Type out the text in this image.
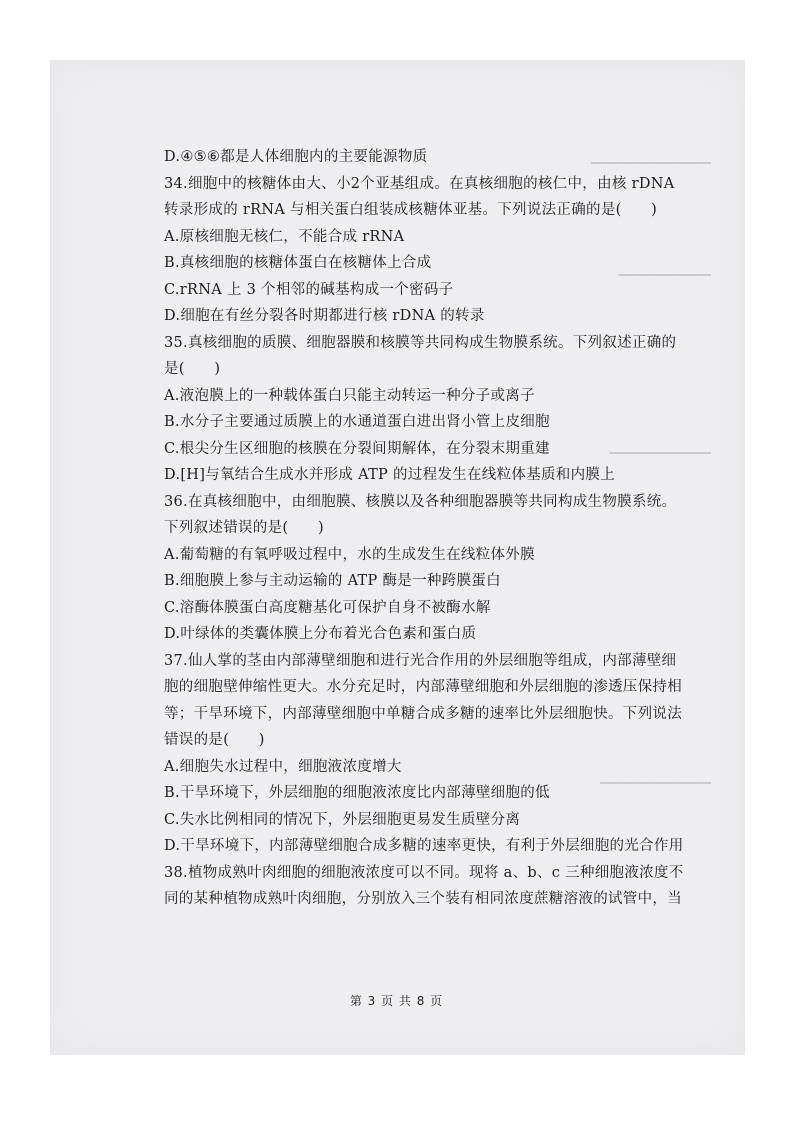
▁▁▁▁▁▁▁▁▁▁▁▁▁
▁▁▁▁▁▁▁▁▁▁
▁▁▁▁▁▁▁▁▁▁▁
▁▁▁▁▁▁▁▁▁▁▁▁
D.④⑤⑥都是人体细胞内的主要能源物质
34.细胞中的核糖体由大、小2个亚基组成。在真核细胞的核仁中，由核 rDNA
转录形成的 rRNA 与相关蛋白组装成核糖体亚基。下列说法正确的是(　　)
A.原核细胞无核仁，不能合成 rRNA
B.真核细胞的核糖体蛋白在核糖体上合成
C.rRNA 上 3 个相邻的碱基构成一个密码子
D.细胞在有丝分裂各时期都进行核 rDNA 的转录
35.真核细胞的质膜、细胞器膜和核膜等共同构成生物膜系统。下列叙述正确的
是(　　)
A.液泡膜上的一种载体蛋白只能主动转运一种分子或离子
B.水分子主要通过质膜上的水通道蛋白进出肾小管上皮细胞
C.根尖分生区细胞的核膜在分裂间期解体，在分裂末期重建
D.[H]与氧结合生成水并形成 ATP 的过程发生在线粒体基质和内膜上
36.在真核细胞中，由细胞膜、核膜以及各种细胞器膜等共同构成生物膜系统。
下列叙述错误的是(　　)
A.葡萄糖的有氧呼吸过程中，水的生成发生在线粒体外膜
B.细胞膜上参与主动运输的 ATP 酶是一种跨膜蛋白
C.溶酶体膜蛋白高度糖基化可保护自身不被酶水解
D.叶绿体的类囊体膜上分布着光合色素和蛋白质
37.仙人掌的茎由内部薄壁细胞和进行光合作用的外层细胞等组成，内部薄壁细
胞的细胞壁伸缩性更大。水分充足时，内部薄壁细胞和外层细胞的渗透压保持相
等；干旱环境下，内部薄壁细胞中单糖合成多糖的速率比外层细胞快。下列说法
错误的是(　　)
A.细胞失水过程中，细胞液浓度增大
B.干旱环境下，外层细胞的细胞液浓度比内部薄壁细胞的低
C.失水比例相同的情况下，外层细胞更易发生质壁分离
D.干旱环境下，内部薄壁细胞合成多糖的速率更快，有利于外层细胞的光合作用
38.植物成熟叶肉细胞的细胞液浓度可以不同。现将 a、b、c 三种细胞液浓度不
同的某种植物成熟叶肉细胞，分别放入三个装有相同浓度蔗糖溶液的试管中，当
第 3 页 共 8 页
